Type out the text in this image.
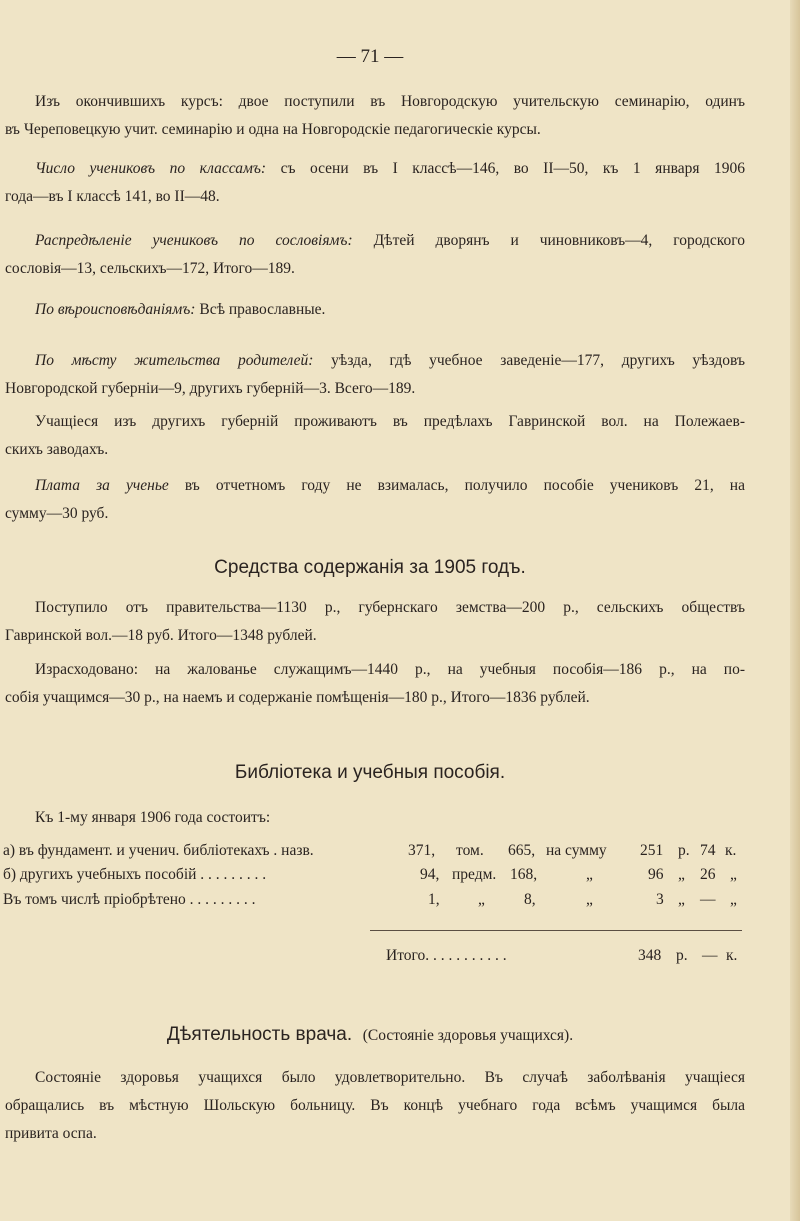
— 71 —

Изъ окончившихъ курсъ: двое поступили въ Новгородскую учительскую семинарію, одинъ
въ Череповецкую учит. семинарію и одна на Новгородскіе педагогическіе курсы.

Число учениковъ по классамъ: съ осени въ I классѣ—146, во II—50, къ 1 января 1906
года—въ I классѣ 141, во II—48.

Распредѣленіе учениковъ по сословіямъ: Дѣтей дворянъ и чиновниковъ—4, городского
сословія—13, сельскихъ—172, Итого—189.

По вѣроисповѣданіямъ: Всѣ православные.

По мѣсту жительства родителей: уѣзда, гдѣ учебное заведеніе—177, другихъ уѣздовъ
Новгородской губерніи—9, другихъ губерній—3. Всего—189.

Учащіеся изъ другихъ губерній проживаютъ въ предѣлахъ Гавринской вол. на Полежаев-
скихъ заводахъ.

Плата за ученье въ отчетномъ году не взималась, получило пособіе учениковъ 21, на
сумму—30 руб.

Средства содержанія за 1905 годъ.

Поступило отъ правительства—1130 р., губернскаго земства—200 р., сельскихъ обществъ
Гавринской вол.—18 руб. Итого—1348 рублей.

Израсходовано: на жалованье служащимъ—1440 р., на учебныя пособія—186 р., на по-
собія учащимся—30 р., на наемъ и содержаніе помѣщенія—180 р., Итого—1836 рублей.

Библіотека и учебныя пособія.

Къ 1-му января 1906 года состоитъ:

а) въ фундамент. и ученич. библіотекахъ . назв.	371, том. 665, на сумму 251 р. 74 к.
б) другихъ учебныхъ пособій . . . . . . . . .	94, предм. 168,	„	96 „ 26 „
Въ томъ числѣ пріобрѣтено . . . . . . . . .	1, „	8,	„	3 „ — „
Итого. . . . . . . . . . .	348 р. — к.
Дѣятельность врача. (Состояніе здоровья учащихся).

Состояніе здоровья учащихся было удовлетворительно. Въ случаѣ заболѣванія учащіеся
обращались въ мѣстную Шольскую больницу. Въ концѣ учебнаго года всѣмъ учащимся была
привита оспа.
